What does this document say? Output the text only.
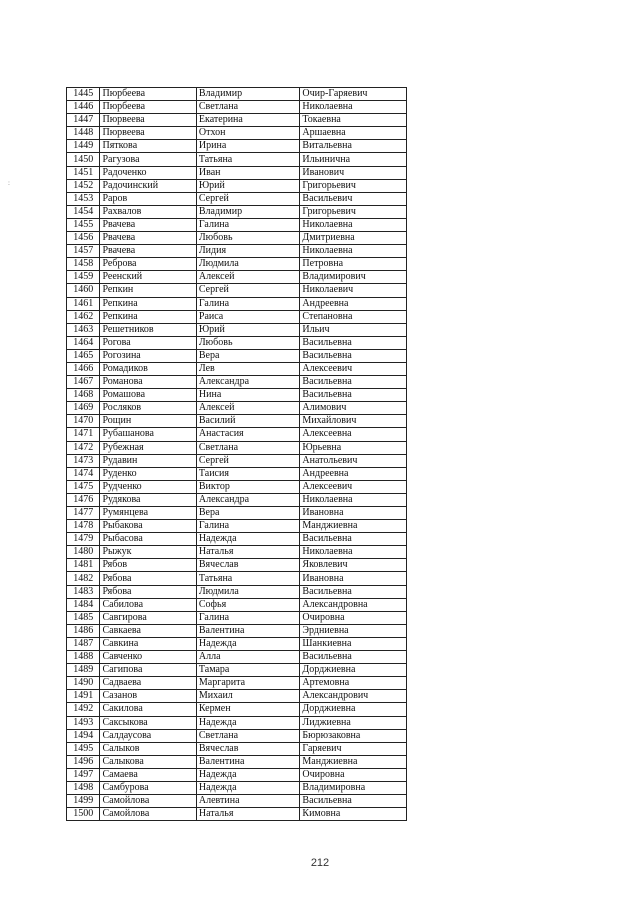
:
1445	Пюрбеева	Владимир	Очир-Гаряевич
1446	Пюрбеева	Светлана	Николаевна
1447	Пюрвеева	Екатерина	Токаевна
1448	Пюрвеева	Отхон	Аршаевна
1449	Пятковa	Ирина	Витальевна
1450	Рагузова	Татьяна	Ильинична
1451	Радоченко	Иван	Иванович
1452	Радочинский	Юрий	Григорьевич
1453	Раров	Сергей	Васильевич
1454	Рахвалов	Владимир	Григорьевич
1455	Рвачева	Галина	Николаевна
1456	Рвачева	Любовь	Дмитриевна
1457	Рвачева	Лидия	Николаевна
1458	Реброва	Людмила	Петровна
1459	Реенский	Алексей	Владимирович
1460	Репкин	Сергей	Николаевич
1461	Репкина	Галина	Андреевна
1462	Репкина	Раиса	Степановна
1463	Решетников	Юрий	Ильич
1464	Рогова	Любовь	Васильевна
1465	Рогозина	Вера	Васильевна
1466	Ромадиков	Лев	Алексеевич
1467	Романова	Александра	Васильевна
1468	Ромашова	Нина	Васильевна
1469	Росляков	Алексей	Алимович
1470	Рощин	Василий	Михайлович
1471	Рубашанова	Анастасия	Алексеевна
1472	Рубежная	Светлана	Юрьевна
1473	Рудавин	Сергей	Анатольевич
1474	Руденко	Таисия	Андреевна
1475	Рудченко	Виктор	Алексеевич
1476	Рудякова	Александра	Николаевна
1477	Румянцева	Вера	Ивановна
1478	Рыбакова	Галина	Манджиевна
1479	Рыбасова	Надежда	Васильевна
1480	Рыжук	Наталья	Николаевна
1481	Рябов	Вячеслав	Яковлевич
1482	Рябова	Татьяна	Ивановна
1483	Рябова	Людмила	Васильевна
1484	Сабилова	Софья	Александровна
1485	Савгирова	Галина	Очировна
1486	Савкаева	Валентина	Эрдниевна
1487	Савкина	Надежда	Шанкиевна
1488	Савченко	Алла	Васильевна
1489	Сагипова	Тамара	Дорджиевна
1490	Садваева	Маргарита	Артемовна
1491	Сазанов	Михаил	Александрович
1492	Сакилова	Кермен	Дорджиевна
1493	Саксыкова	Надежда	Лиджиевна
1494	Салдаусова	Светлана	Бюрюзаковна
1495	Салыков	Вячеслав	Гаряевич
1496	Салыкова	Валентина	Манджиевна
1497	Самаева	Надежда	Очировна
1498	Самбурова	Надежда	Владимировна
1499	Самойлова	Алевтина	Васильевна
1500	Самойлова	Наталья	Кимовна
212
